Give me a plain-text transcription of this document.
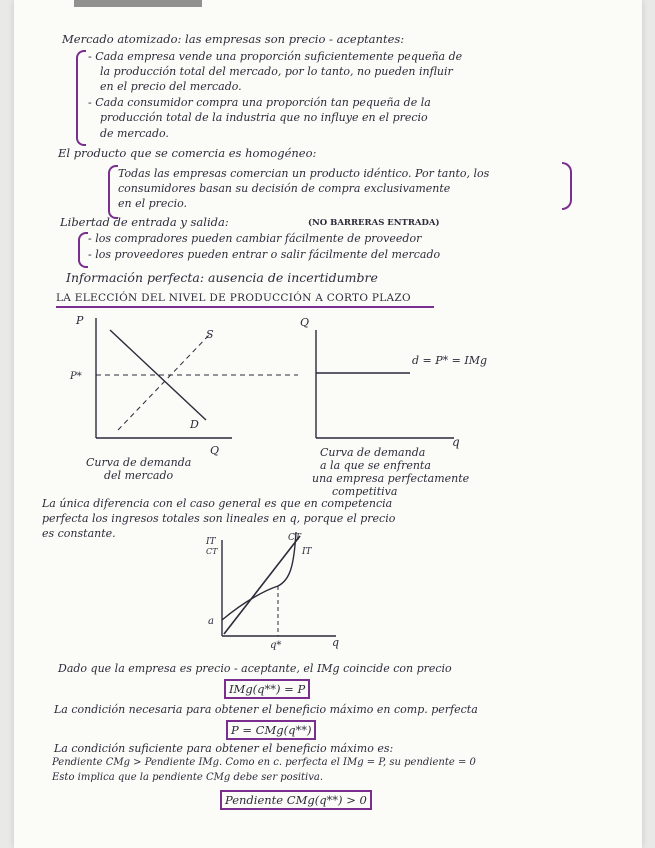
Mercado atomizado: las empresas son precio - aceptantes:
- Cada empresa vende una proporción suficientemente pequeña de
la producción total del mercado, por lo tanto, no pueden influir
en el precio del mercado.
- Cada consumidor compra una proporción tan pequeña de la
producción total de la industria que no influye en el precio
de mercado.
El producto que se comercia es homogéneo:
Todas las empresas comercian un producto idéntico. Por tanto, los
consumidores basan su decisión de compra exclusivamente
en el precio.
Libertad de entrada y salida:	(NO BARRERAS ENTRADA)
- los compradores pueden cambiar fácilmente de proveedor
- los proveedores pueden entrar o salir fácilmente del mercado
Información perfecta: ausencia de incertidumbre
LA ELECCIÓN DEL NIVEL DE PRODUCCIÓN A CORTO PLAZO
P
P*
S
D
Q
Curva de demanda
del mercado
Q
d = P* = IMg
q
Curva de demanda
a la que se enfrenta
una empresa perfectamente
competitiva
IT
CT
CT
IT
a
q*	q
La única diferencia con el caso general es que en competencia
perfecta los ingresos totales son lineales en q, porque el precio
es constante.
Dado que la empresa es precio - aceptante, el IMg coincide con precio
IMg(q**) = P
La condición necesaria para obtener el beneficio máximo en comp. perfecta
P = CMg(q**)
La condición suficiente para obtener el beneficio máximo es:
Pendiente CMg > Pendiente IMg. Como en c. perfecta el IMg = P, su pendiente = 0
Esto implica que la pendiente CMg debe ser positiva.
Pendiente CMg(q**) > 0
